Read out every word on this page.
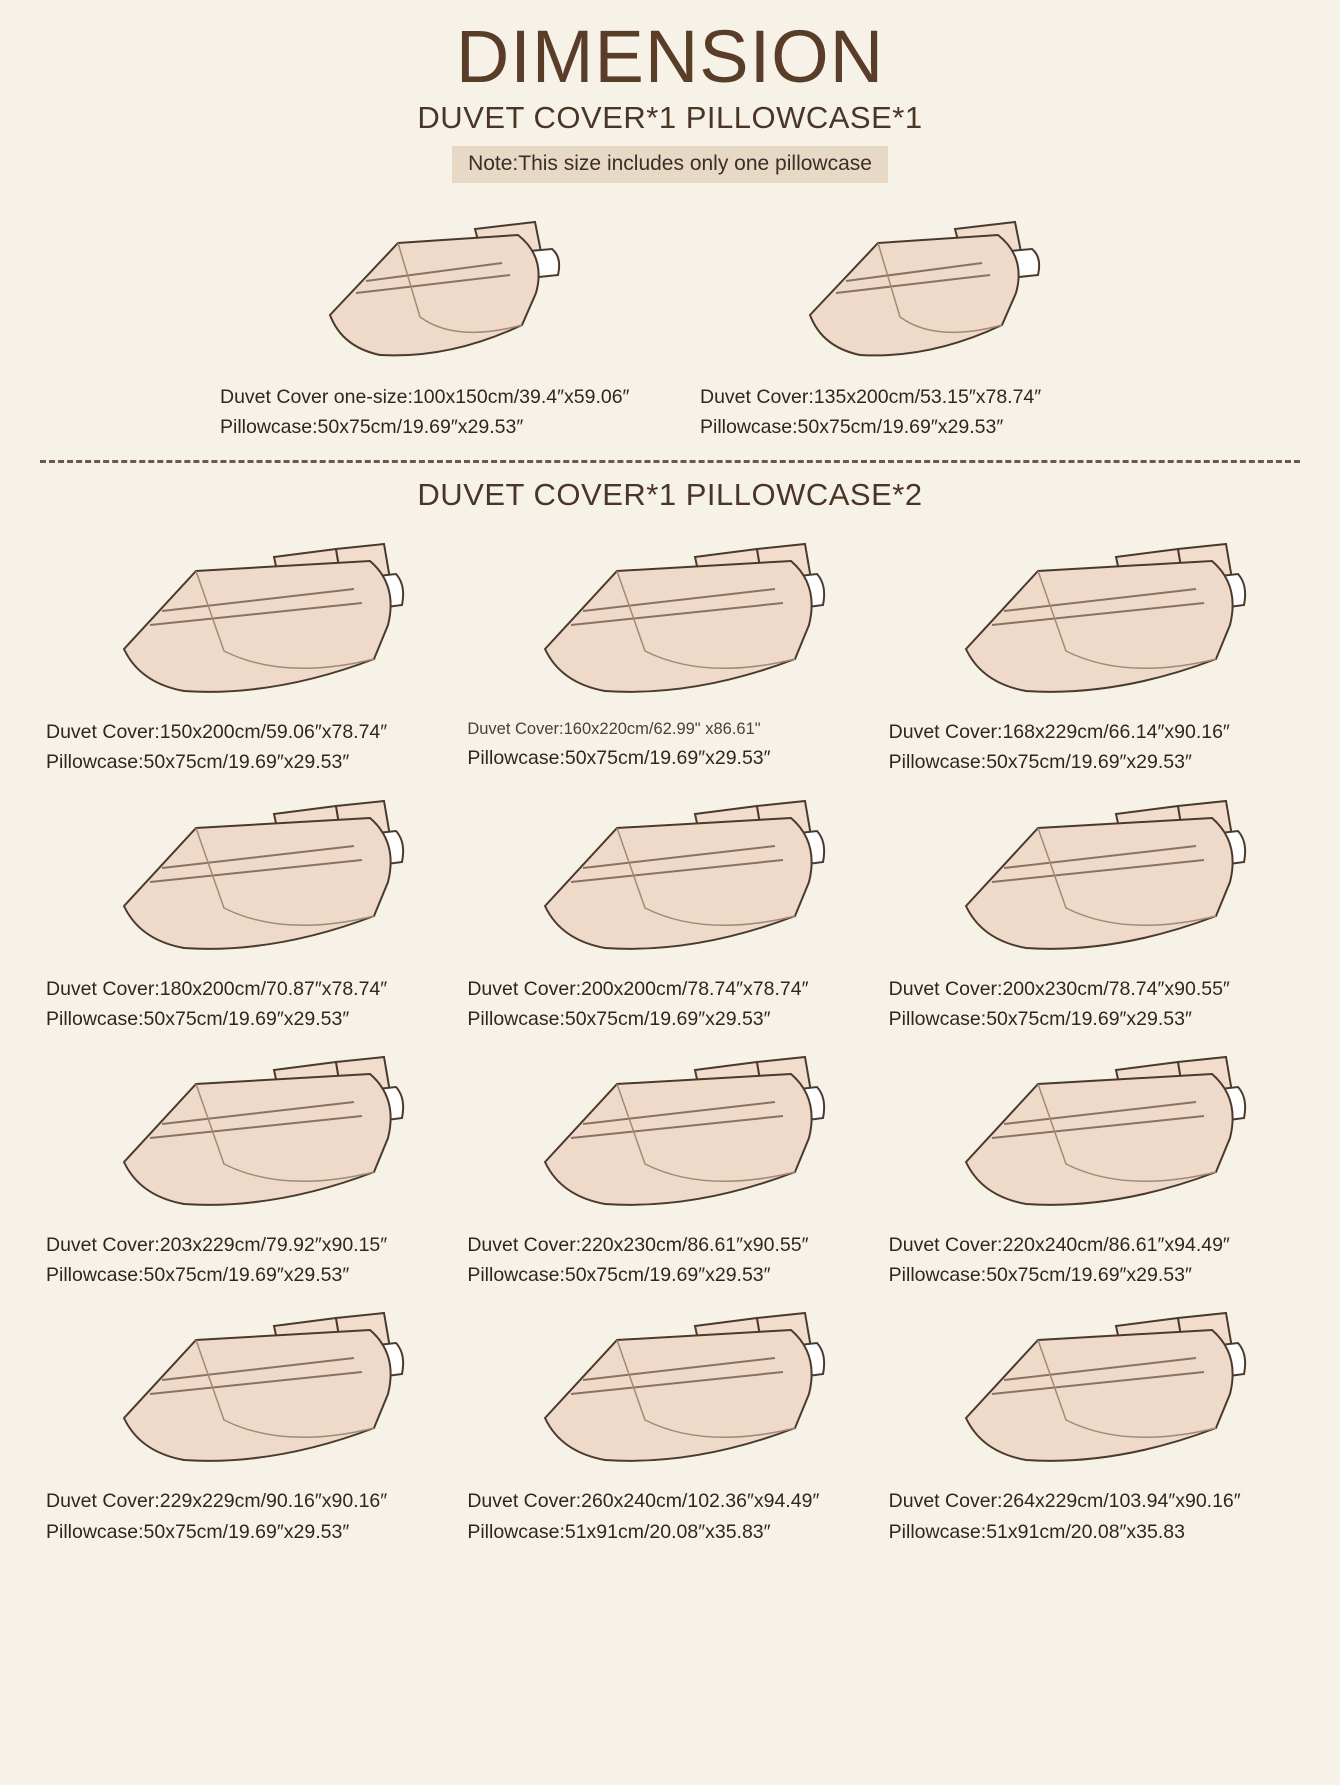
DIMENSION
DUVET COVER*1 PILLOWCASE*1
Note:This size includes only one pillowcase
Duvet Cover one-size:100x150cm/39.4″x59.06″
Pillowcase:50x75cm/19.69″x29.53″
Duvet Cover:135x200cm/53.15″x78.74″
Pillowcase:50x75cm/19.69″x29.53″
DUVET COVER*1 PILLOWCASE*2
Duvet Cover:150x200cm/59.06″x78.74″
Pillowcase:50x75cm/19.69″x29.53″
Duvet Cover:160x220cm/62.99" x86.61"
Pillowcase:50x75cm/19.69″x29.53″
Duvet Cover:168x229cm/66.14″x90.16″
Pillowcase:50x75cm/19.69″x29.53″
Duvet Cover:180x200cm/70.87″x78.74″
Pillowcase:50x75cm/19.69″x29.53″
Duvet Cover:200x200cm/78.74″x78.74″
Pillowcase:50x75cm/19.69″x29.53″
Duvet Cover:200x230cm/78.74″x90.55″
Pillowcase:50x75cm/19.69″x29.53″
Duvet Cover:203x229cm/79.92″x90.15″
Pillowcase:50x75cm/19.69″x29.53″
Duvet Cover:220x230cm/86.61″x90.55″
Pillowcase:50x75cm/19.69″x29.53″
Duvet Cover:220x240cm/86.61″x94.49″
Pillowcase:50x75cm/19.69″x29.53″
Duvet Cover:229x229cm/90.16″x90.16″
Pillowcase:50x75cm/19.69″x29.53″
Duvet Cover:260x240cm/102.36″x94.49″
Pillowcase:51x91cm/20.08″x35.83″
Duvet Cover:264x229cm/103.94″x90.16″
Pillowcase:51x91cm/20.08″x35.83
